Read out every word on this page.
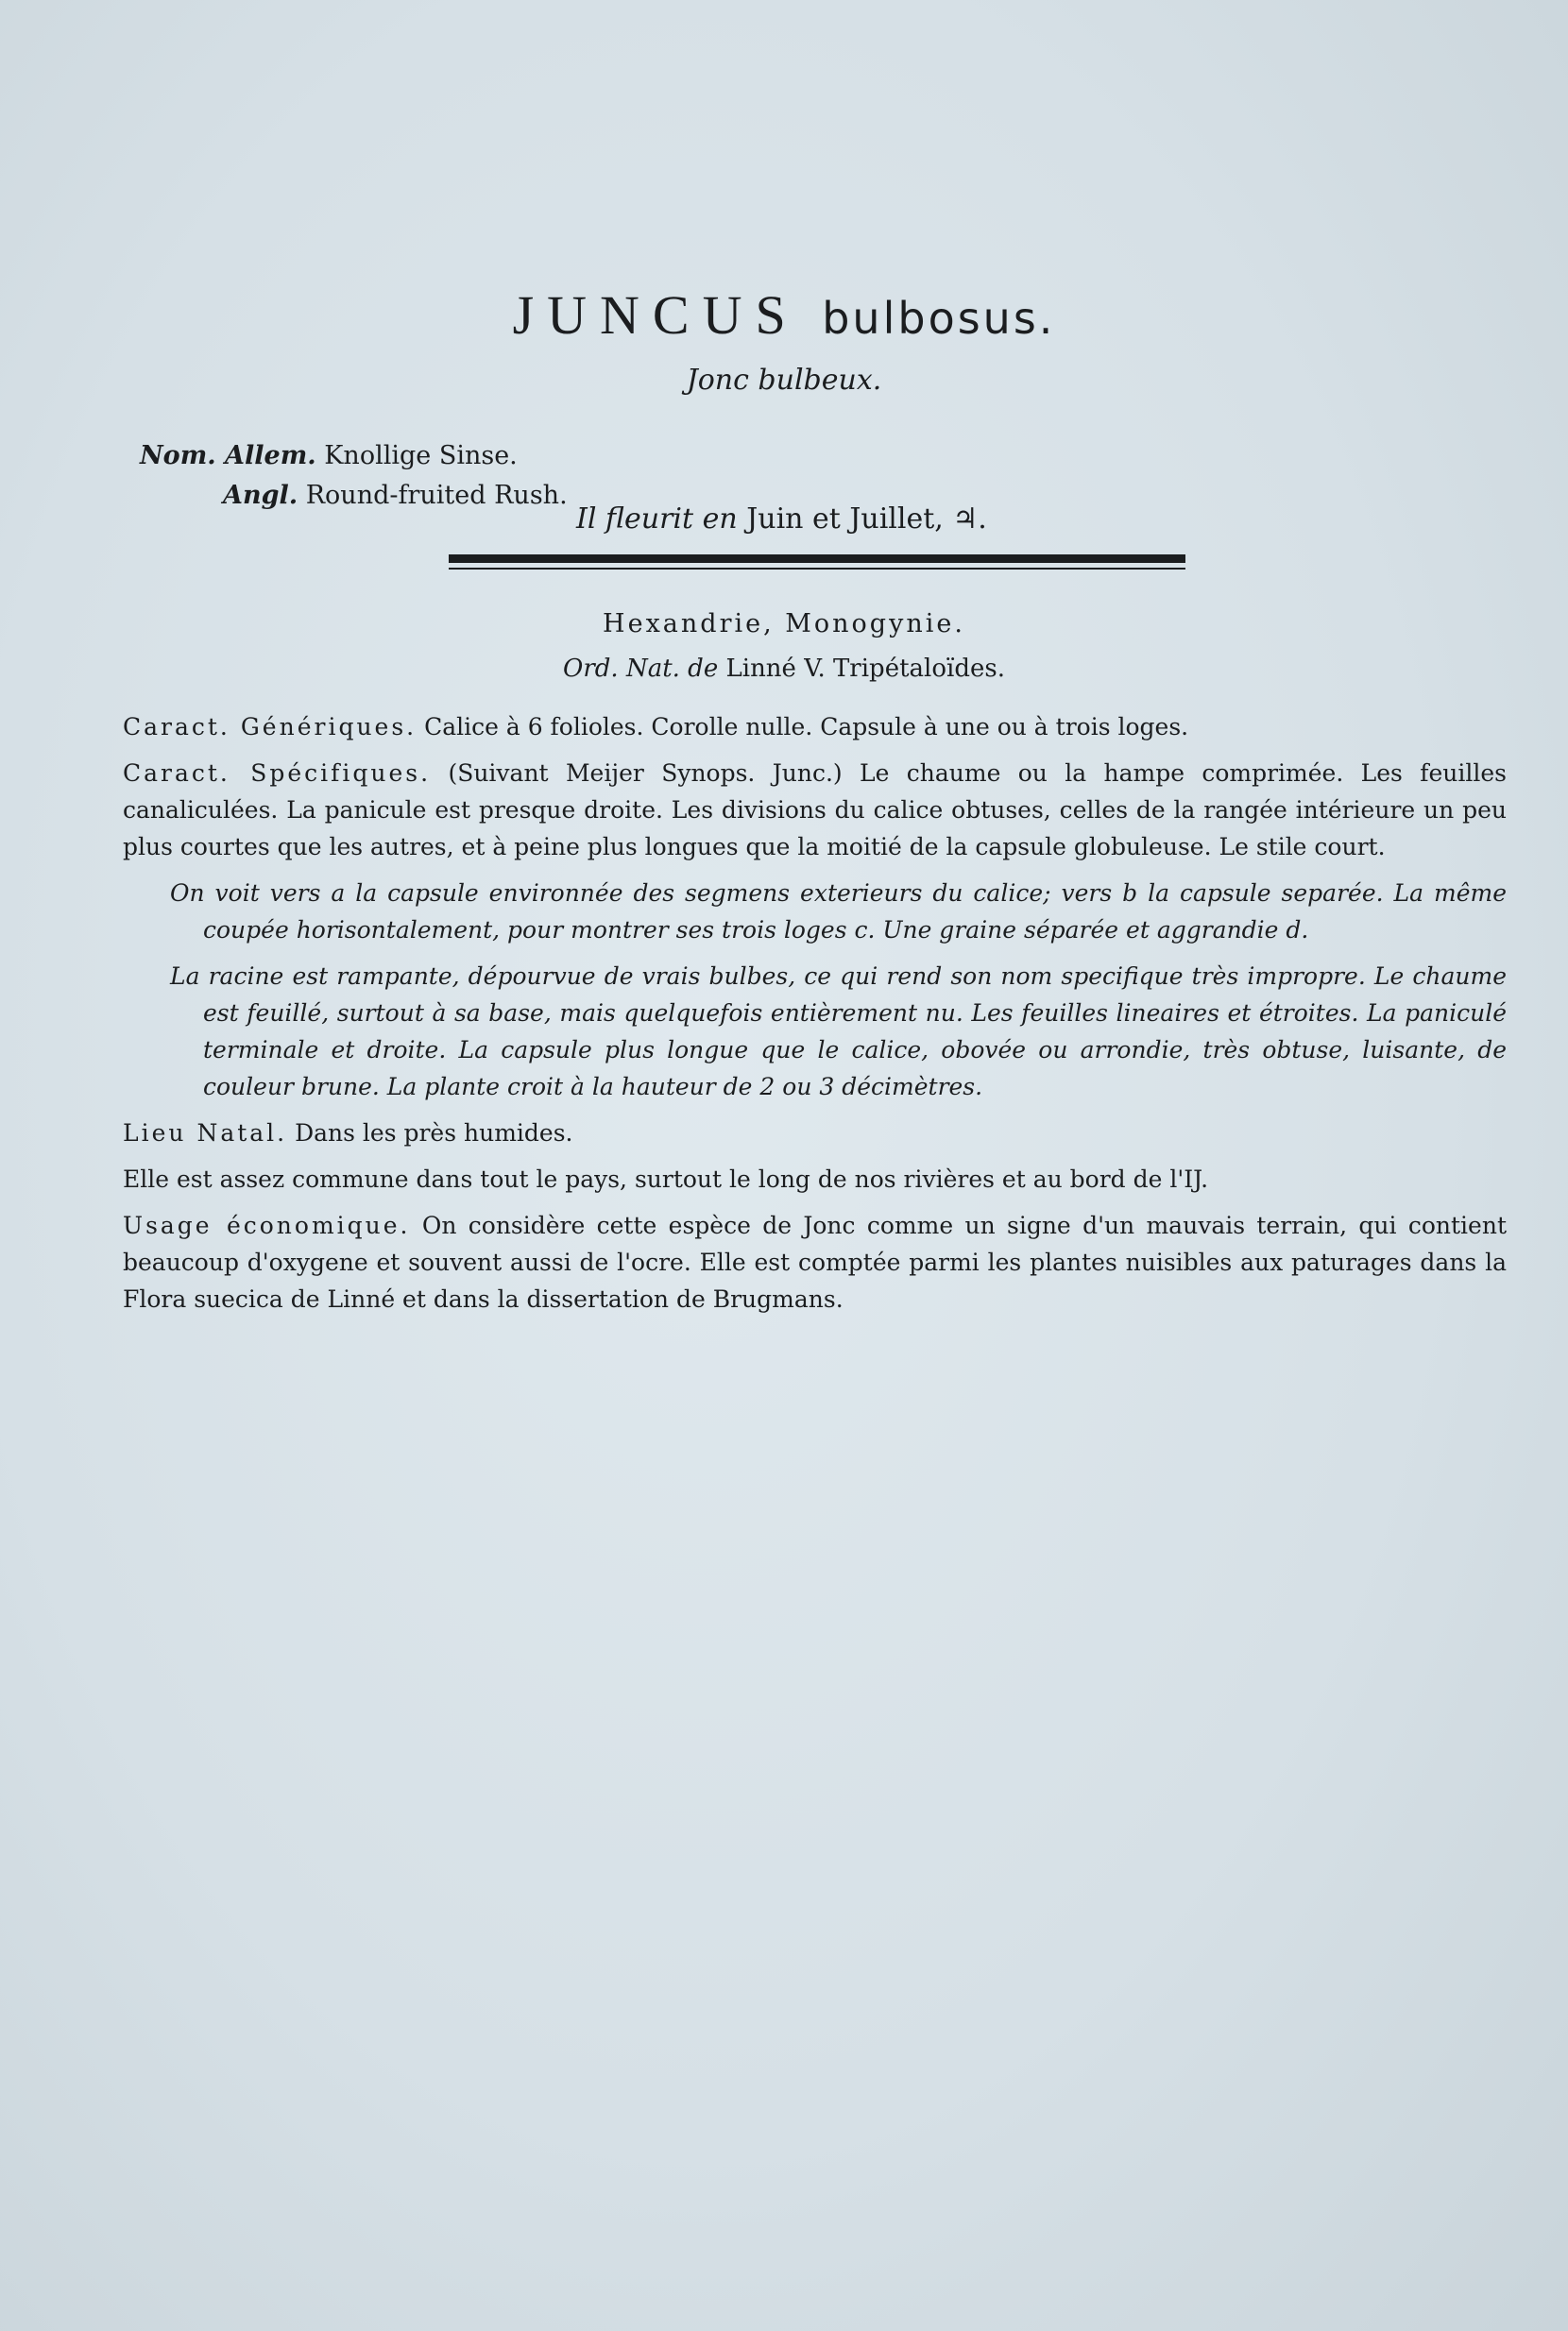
JUNCUS bulbosus.
Jonc bulbeux.
Nom. Allem. Knollige Sinse.
Angl. Round-fruited Rush.
Il fleurit en Juin et Juillet, ♃.
Hexandrie, Monogynie.
Ord. Nat. de Linné V. Tripétaloïdes.

Caract. Génériques. Calice à 6 folioles. Corolle nulle. Capsule à une ou à trois loges.

Caract. Spécifiques. (Suivant Meijer Synops. Junc.) Le chaume ou la hampe comprimée. Les feuilles canaliculées. La panicule est presque droite. Les divisions du calice obtuses, celles de la rangée intérieure un peu plus courtes que les autres, et à peine plus longues que la moitié de la capsule globuleuse. Le stile court.

On voit vers a la capsule environnée des segmens exterieurs du calice; vers b la capsule separée. La même coupée horisontalement, pour montrer ses trois loges c. Une graine séparée et aggrandie d.

La racine est rampante, dépourvue de vrais bulbes, ce qui rend son nom specifique très impropre. Le chaume est feuillé, surtout à sa base, mais quelquefois entièrement nu. Les feuilles lineaires et étroites. La paniculé terminale et droite. La capsule plus longue que le calice, obovée ou arrondie, très obtuse, luisante, de couleur brune. La plante croit à la hauteur de 2 ou 3 décimètres.

Lieu Natal. Dans les près humides.

Elle est assez commune dans tout le pays, surtout le long de nos rivières et au bord de l'IJ.

Usage économique. On considère cette espèce de Jonc comme un signe d'un mauvais terrain, qui contient beaucoup d'oxygene et souvent aussi de l'ocre. Elle est comptée parmi les plantes nuisibles aux paturages dans la Flora suecica de Linné et dans la dissertation de Brugmans.
